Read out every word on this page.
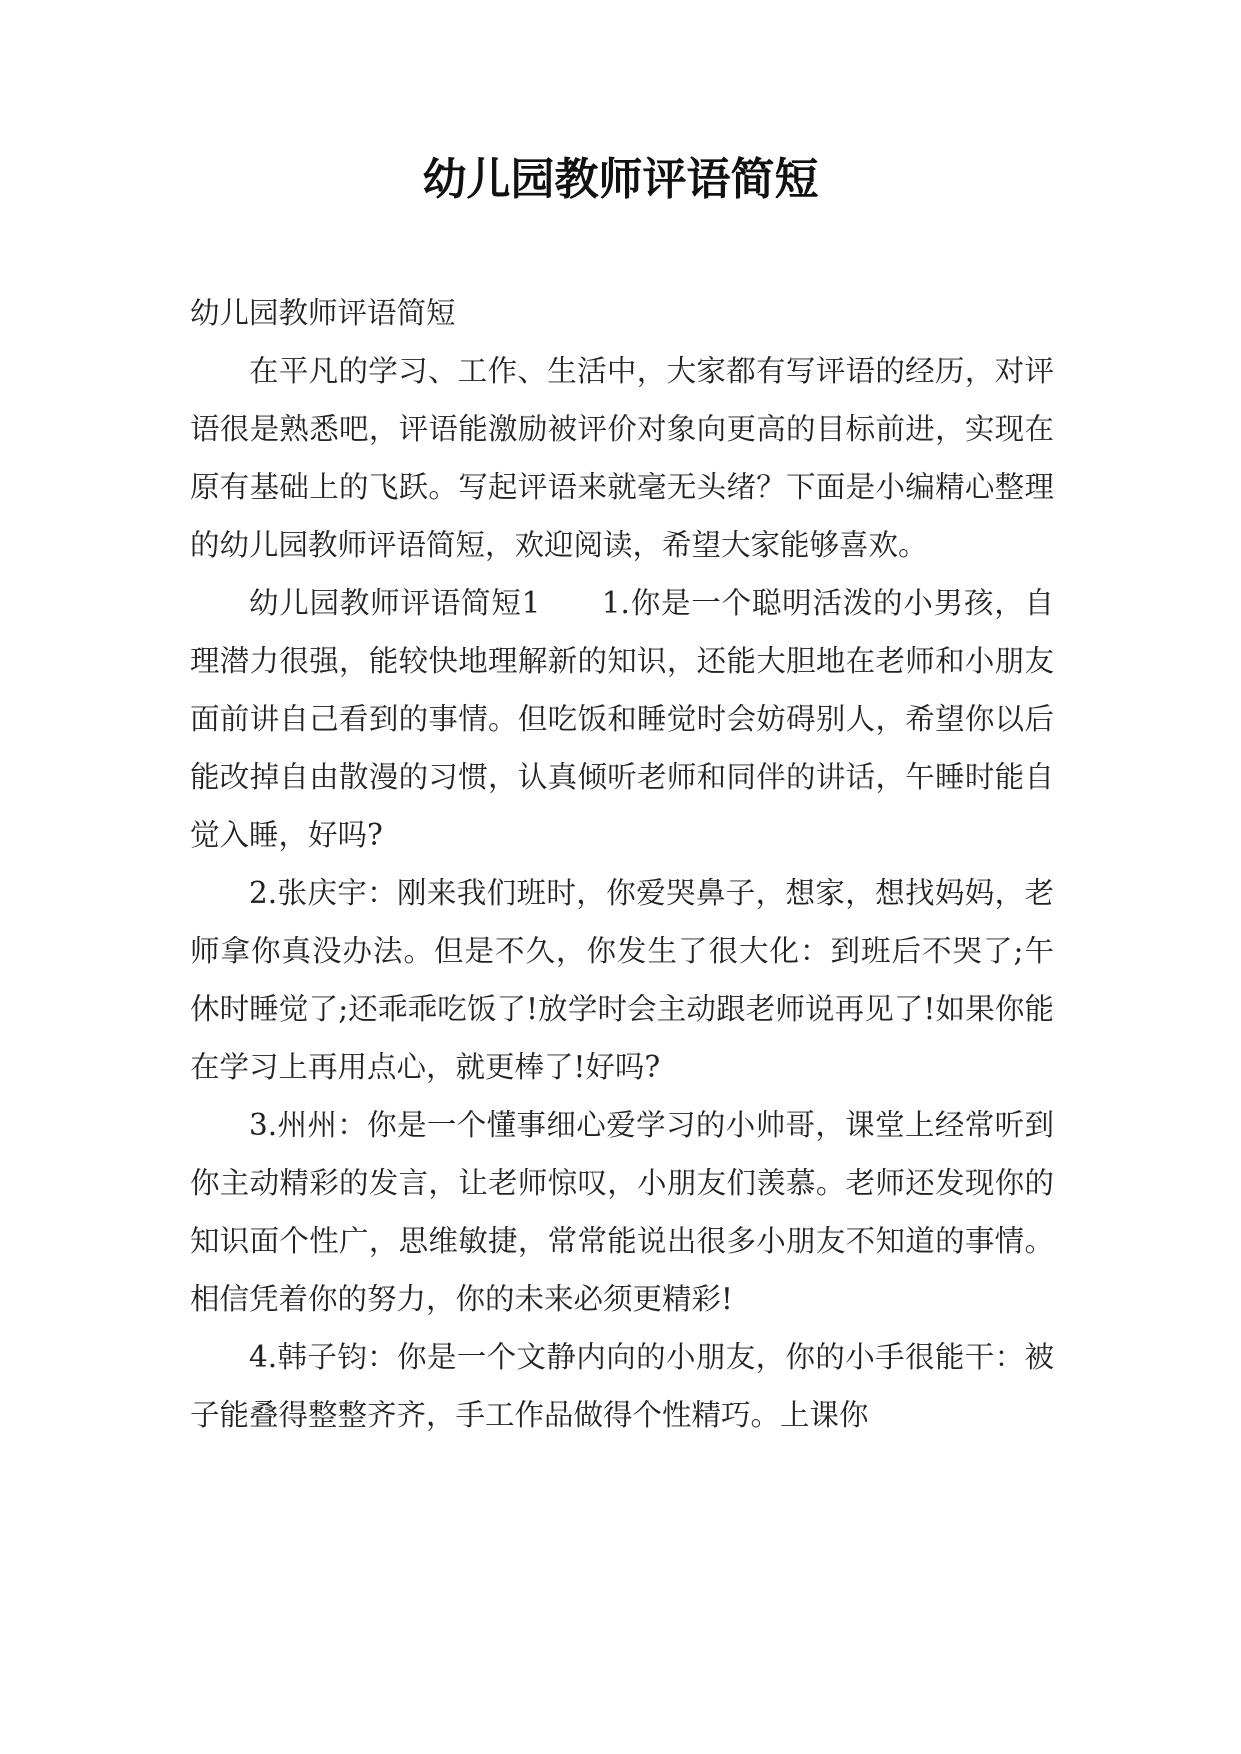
幼儿园教师评语简短

幼儿园教师评语简短

在平凡的学习、工作、生活中，大家都有写评语的经历，对评语很是熟悉吧，评语能激励被评价对象向更高的目标前进，实现在原有基础上的飞跃。写起评语来就毫无头绪？下面是小编精心整理的幼儿园教师评语简短，欢迎阅读，希望大家能够喜欢。

幼儿园教师评语简短1　　1.你是一个聪明活泼的小男孩，自理潜力很强，能较快地理解新的知识，还能大胆地在老师和小朋友面前讲自己看到的事情。但吃饭和睡觉时会妨碍别人，希望你以后能改掉自由散漫的习惯，认真倾听老师和同伴的讲话，午睡时能自觉入睡，好吗?

2.张庆宇：刚来我们班时，你爱哭鼻子，想家，想找妈妈，老师拿你真没办法。但是不久，你发生了很大化：到班后不哭了;午休时睡觉了;还乖乖吃饭了!放学时会主动跟老师说再见了!如果你能在学习上再用点心，就更棒了!好吗?

3.州州：你是一个懂事细心爱学习的小帅哥，课堂上经常听到你主动精彩的发言，让老师惊叹，小朋友们羡慕。老师还发现你的知识面个性广，思维敏捷，常常能说出很多小朋友不知道的事情。相信凭着你的努力，你的未来必须更精彩!

4.韩子钧：你是一个文静内向的小朋友，你的小手很能干：被子能叠得整整齐齐，手工作品做得个性精巧。上课你
